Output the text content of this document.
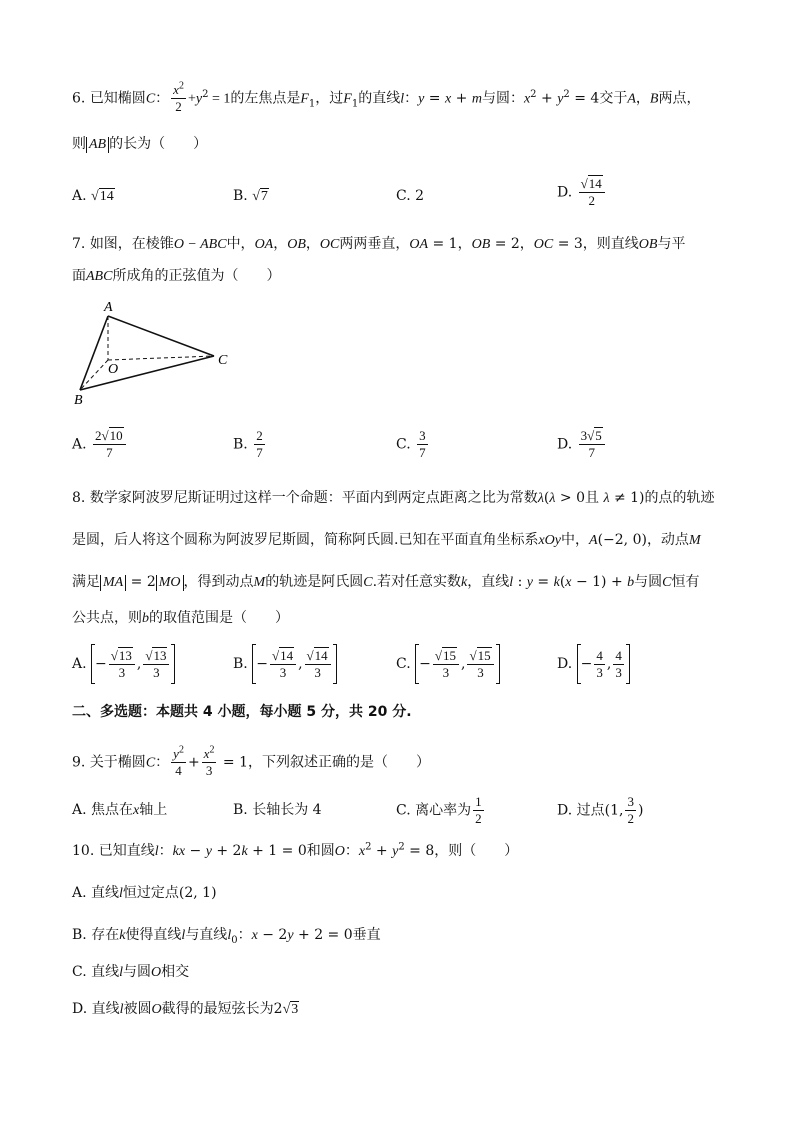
6. 已知椭圆C： $\frac{x^2}{2} +y^2 = 1$的左焦点是$F_1$，过$F_1$的直线l：y = x + m与圆：$x^2 + y^2 = 4$交于A，B两点，
则 AB 的长为（　　）
A. √14	B. √7	C. 2	D. $\frac{√14}{2}$
7. 如图，在棱锥O − ABC中，OA，OB，OC两两垂直，OA = 1，OB = 2，OC = 3，则直线OB与平
面ABC所成角的正弦值为（　　）
A
O
C
B
A. $\frac{2√10}{7}$	B. $\frac{2}{7}$	C. $\frac{3}{7}$	D. $\frac{3√5}{7}$
8. 数学家阿波罗尼斯证明过这样一个命题：平面内到两定点距离之比为常数λ(λ > 0且 λ ≠ 1)的点的轨迹
是圆，后人将这个圆称为阿波罗尼斯圆，简称阿氏圆.已知在平面直角坐标系xOy中，A(−2, 0)，动点M
满足 MA = 2 MO ，得到动点M的轨迹是阿氏圆C.若对任意实数k，直线l : y = k(x − 1) + b与圆C恒有
公共点，则b的取值范围是（　　）
A. − $\frac{√13}{3}$ , $\frac{√13}{3}$	B. − $\frac{√14}{3}$ , $\frac{√14}{3}$	C. − $\frac{√15}{3}$ , $\frac{√15}{3}$	D. − $\frac{4}{3}$ , $\frac{4}{3}$
二、多选题：本题共 4 小题，每小题 5 分，共 20 分.
9. 关于椭圆C： $\frac{y^2}{4} + \frac{x^2}{3} = 1$，下列叙述正确的是（　　）
A. 焦点在x轴上	B. 长轴长为 4	C. 离心率为 $\frac{1}{2}$	D. 过点(1, $\frac{3}{2}$ )
10. 已知直线l：kx − y + 2k + 1 = 0和圆O：$x^2 + y^2 = 8$，则（　　）
A. 直线l恒过定点(2, 1)
B. 存在k使得直线l与直线$l_0$：x − 2y + 2 = 0垂直
C. 直线l与圆O相交
D. 直线l被圆O截得的最短弦长为2√3
